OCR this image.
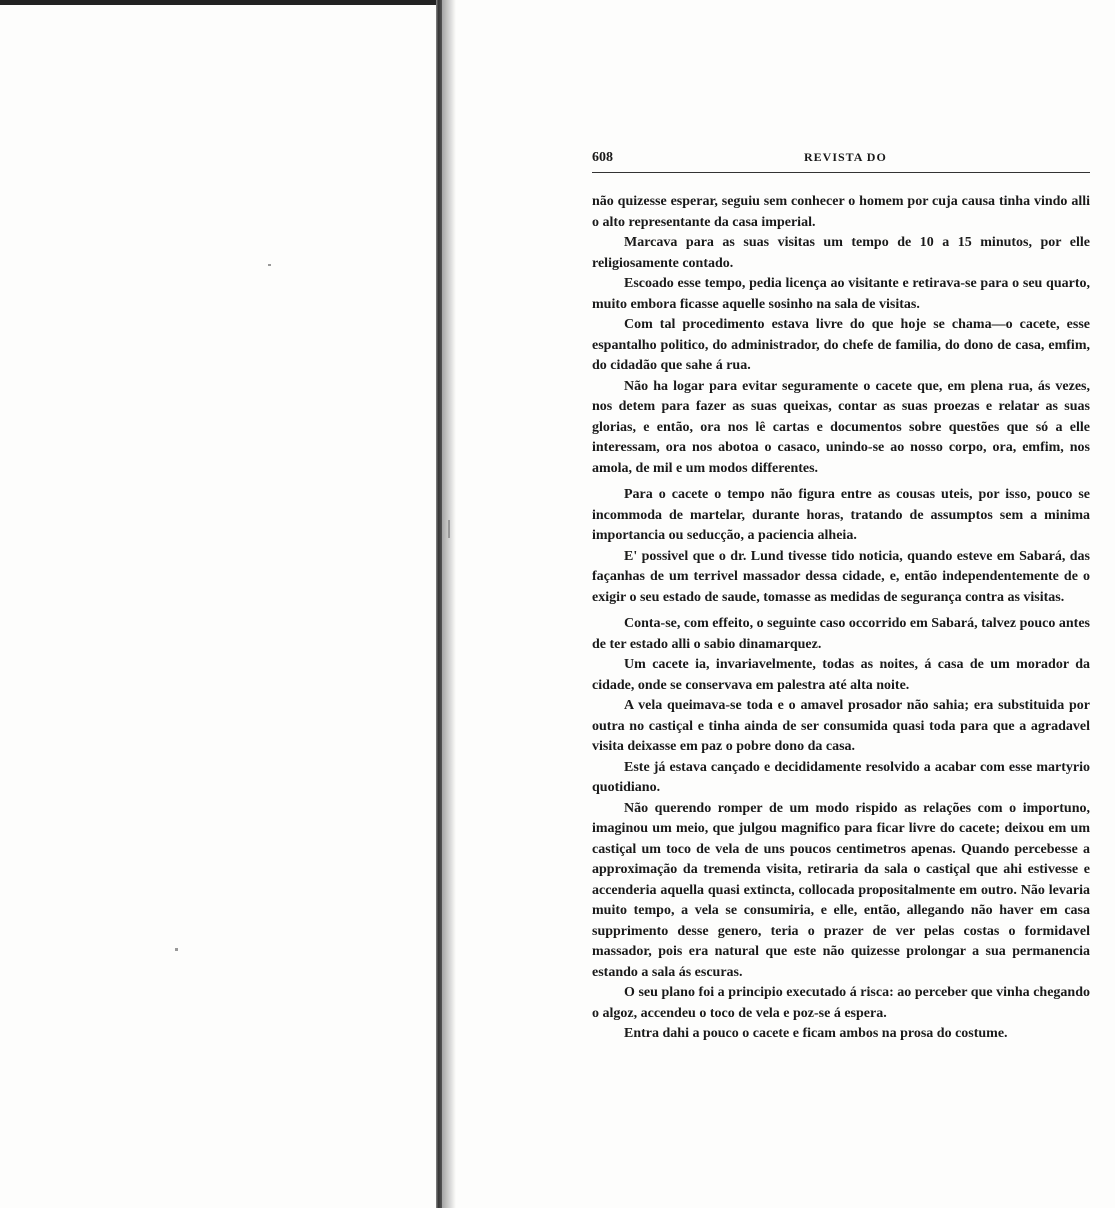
608	REVISTA DO

não quizesse esperar, seguiu sem conhecer o homem por cuja causa tinha vindo alli o alto representante da casa imperial.

Marcava para as suas visitas um tempo de 10 a 15 minutos, por elle religiosamente contado.

Escoado esse tempo, pedia licença ao visitante e retirava-se para o seu quarto, muito embora ficasse aquelle sosinho na sala de visitas.

Com tal procedimento estava livre do que hoje se chama—o cacete, esse espantalho politico, do administrador, do chefe de familia, do dono de casa, emfim, do cidadão que sahe á rua.

Não ha logar para evitar seguramente o cacete que, em plena rua, ás vezes, nos detem para fazer as suas queixas, contar as suas proezas e relatar as suas glorias, e então, ora nos lê cartas e documentos sobre questões que só a elle interessam, ora nos abotoa o casaco, unindo-se ao nosso corpo, ora, emfim, nos amola, de mil e um modos differentes.

Para o cacete o tempo não figura entre as cousas uteis, por isso, pouco se incommoda de martelar, durante horas, tratando de assumptos sem a minima importancia ou seducção, a paciencia alheia.

E' possivel que o dr. Lund tivesse tido noticia, quando esteve em Sabará, das façanhas de um terrivel massador dessa cidade, e, então independentemente de o exigir o seu estado de saude, tomasse as medidas de segurança contra as visitas.

Conta-se, com effeito, o seguinte caso occorrido em Sabará, talvez pouco antes de ter estado alli o sabio dinamarquez.

Um cacete ia, invariavelmente, todas as noites, á casa de um morador da cidade, onde se conservava em palestra até alta noite.

A vela queimava-se toda e o amavel prosador não sahia; era substituida por outra no castiçal e tinha ainda de ser consumida quasi toda para que a agradavel visita deixasse em paz o pobre dono da casa.

Este já estava cançado e decididamente resolvido a acabar com esse martyrio quotidiano.

Não querendo romper de um modo rispido as relações com o importuno, imaginou um meio, que julgou magnifico para ficar livre do cacete; deixou em um castiçal um toco de vela de uns poucos centimetros apenas. Quando percebesse a approximação da tremenda visita, retiraria da sala o castiçal que ahi estivesse e accenderia aquella quasi extincta, collocada propositalmente em outro. Não levaria muito tempo, a vela se consumiria, e elle, então, allegando não haver em casa supprimento desse genero, teria o prazer de ver pelas costas o formidavel massador, pois era natural que este não quizesse prolongar a sua permanencia estando a sala ás escuras.

O seu plano foi a principio executado á risca: ao perceber que vinha chegando o algoz, accendeu o toco de vela e poz-se á espera.

Entra dahi a pouco o cacete e ficam ambos na prosa do costume.
